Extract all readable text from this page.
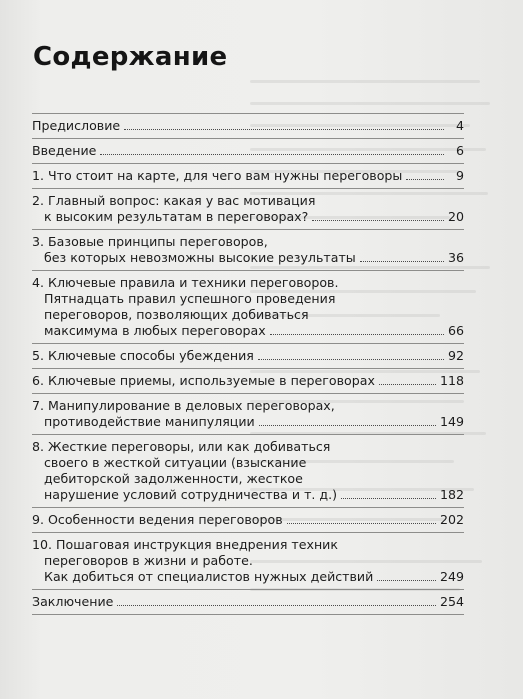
Содержание
Предисловие	4
Введение	6
1. Что стоит на карте, для чего вам нужны переговоры	9
2. Главный вопрос: какая у вас мотивация
к высоким результатам в переговорах?	20
3. Базовые принципы переговоров,
без которых невозможны высокие результаты	36
4. Ключевые правила и техники переговоров.
Пятнадцать правил успешного проведения
переговоров, позволяющих добиваться
максимума в любых переговорах	66
5. Ключевые способы убеждения	92
6. Ключевые приемы, используемые в переговорах	118
7. Манипулирование в деловых переговорах,
противодействие манипуляции	149
8. Жесткие переговоры, или как добиваться
своего в жесткой ситуации (взыскание
дебиторской задолженности, жесткое
нарушение условий сотрудничества и т. д.)	182
9. Особенности ведения переговоров	202
10. Пошаговая инструкция внедрения техник
переговоров в жизни и работе.
Как добиться от специалистов нужных действий	249
Заключение	254
